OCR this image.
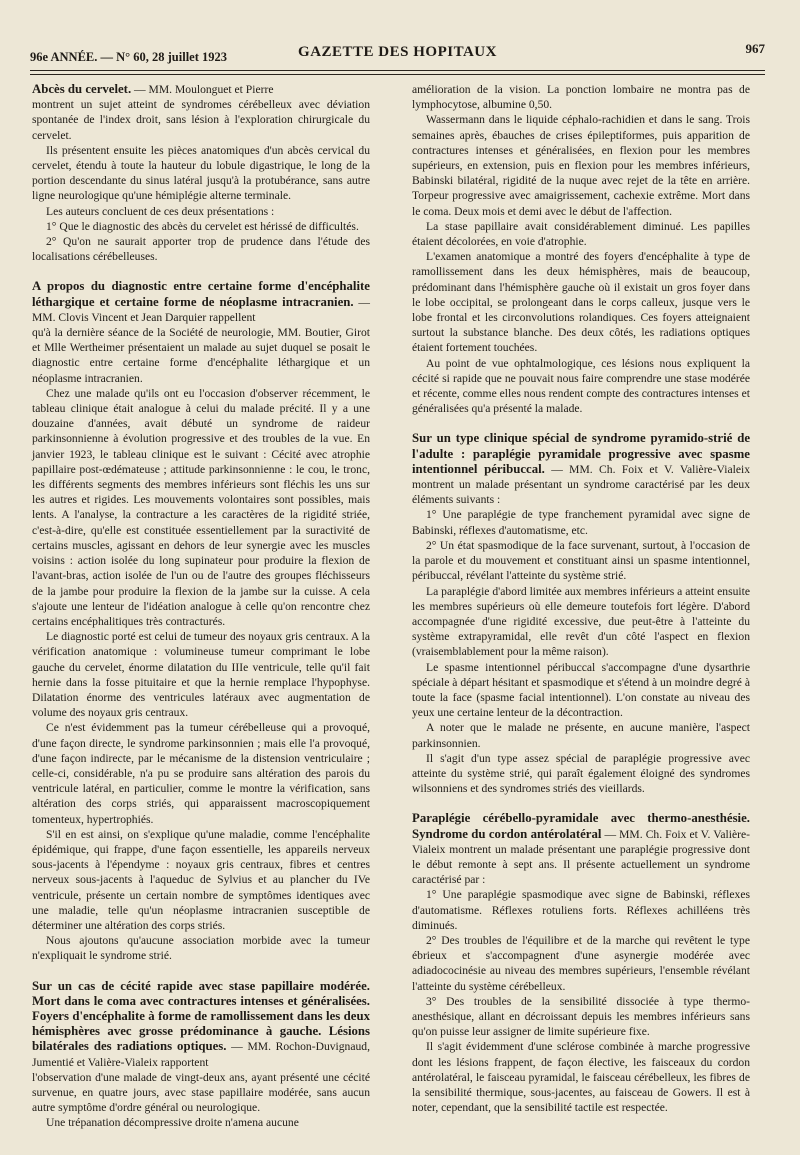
96e ANNÉE. — N° 60, 28 juillet 1923	GAZETTE DES HOPITAUX	967

Abcès du cervelet. — MM. Moulonguet et Pierre

montrent un sujet atteint de syndromes cérébelleux avec déviation spontanée de l'index droit, sans lésion à l'exploration chirurgicale du cervelet.

Ils présentent ensuite les pièces anatomiques d'un abcès cervical du cervelet, étendu à toute la hauteur du lobule digastrique, le long de la portion descendante du sinus latéral jusqu'à la protubérance, sans autre ligne neurologique qu'une hémiplégie alterne terminale.

Les auteurs concluent de ces deux présentations :

1° Que le diagnostic des abcès du cervelet est hérissé de difficultés.

2° Qu'on ne saurait apporter trop de prudence dans l'étude des localisations cérébelleuses.

A propos du diagnostic entre certaine forme d'encéphalite léthargique et certaine forme de néoplasme intracranien. — MM. Clovis Vincent et Jean Darquier rappellent

qu'à la dernière séance de la Société de neurologie, MM. Boutier, Girot et Mlle Wertheimer présentaient un malade au sujet duquel se posait le diagnostic entre certaine forme d'encéphalite léthargique et un néoplasme intracranien.

Chez une malade qu'ils ont eu l'occasion d'observer récemment, le tableau clinique était analogue à celui du malade précité. Il y a une douzaine d'années, avait débuté un syndrome de raideur parkinsonnienne à évolution progressive et des troubles de la vue. En janvier 1923, le tableau clinique est le suivant : Cécité avec atrophie papillaire post-œdémateuse ; attitude parkinsonnienne : le cou, le tronc, les différents segments des membres inférieurs sont fléchis les uns sur les autres et rigides. Les mouvements volontaires sont possibles, mais lents. A l'analyse, la contracture a les caractères de la rigidité striée, c'est-à-dire, qu'elle est constituée essentiellement par la suractivité de certains muscles, agissant en dehors de leur synergie avec les muscles voisins : action isolée du long supinateur pour produire la flexion de l'avant-bras, action isolée de l'un ou de l'autre des groupes fléchisseurs de la jambe pour produire la flexion de la jambe sur la cuisse. A cela s'ajoute une lenteur de l'idéation analogue à celle qu'on rencontre chez certains encéphalitiques très contracturés.

Le diagnostic porté est celui de tumeur des noyaux gris centraux. A la vérification anatomique : volumineuse tumeur comprimant le lobe gauche du cervelet, énorme dilatation du IIIe ventricule, telle qu'il fait hernie dans la fosse pituitaire et que la hernie remplace l'hypophyse. Dilatation énorme des ventricules latéraux avec augmentation de volume des noyaux gris centraux.

Ce n'est évidemment pas la tumeur cérébelleuse qui a provoqué, d'une façon directe, le syndrome parkinsonnien ; mais elle l'a provoqué, d'une façon indirecte, par le mécanisme de la distension ventriculaire ; celle-ci, considérable, n'a pu se produire sans altération des parois du ventricule latéral, en particulier, comme le montre la vérification, sans altération des corps striés, qui apparaissent macroscopiquement tomenteux, hypertrophiés.

S'il en est ainsi, on s'explique qu'une maladie, comme l'encéphalite épidémique, qui frappe, d'une façon essentielle, les appareils nerveux sous-jacents à l'épendyme : noyaux gris centraux, fibres et centres nerveux sous-jacents à l'aqueduc de Sylvius et au plancher du IVe ventricule, présente un certain nombre de symptômes identiques avec une maladie, telle qu'un néoplasme intracranien susceptible de déterminer une altération des corps striés.

Nous ajoutons qu'aucune association morbide avec la tumeur n'expliquait le syndrome strié.

Sur un cas de cécité rapide avec stase papillaire modérée. Mort dans le coma avec contractures intenses et généralisées. Foyers d'encéphalite à forme de ramollissement dans les deux hémisphères avec grosse prédominance à gauche. Lésions bilatérales des radiations optiques. — MM. Rochon-Duvignaud, Jumentié et Valière-Vialeix rapportent

l'observation d'une malade de vingt-deux ans, ayant présenté une cécité survenue, en quatre jours, avec stase papillaire modérée, sans aucun autre symptôme d'ordre général ou neurologique.

Une trépanation décompressive droite n'amena aucune

amélioration de la vision. La ponction lombaire ne montra pas de lymphocytose, albumine 0,50.

Wassermann dans le liquide céphalo-rachidien et dans le sang. Trois semaines après, ébauches de crises épileptiformes, puis apparition de contractures intenses et généralisées, en flexion pour les membres supérieurs, en extension, puis en flexion pour les membres inférieurs, Babinski bilatéral, rigidité de la nuque avec rejet de la tête en arrière. Torpeur progressive avec amaigrissement, cachexie extrême. Mort dans le coma. Deux mois et demi avec le début de l'affection.

La stase papillaire avait considérablement diminué. Les papilles étaient décolorées, en voie d'atrophie.

L'examen anatomique a montré des foyers d'encéphalite à type de ramollissement dans les deux hémisphères, mais de beaucoup, prédominant dans l'hémisphère gauche où il existait un gros foyer dans le lobe occipital, se prolongeant dans le corps calleux, jusque vers le lobe frontal et les circonvolutions rolandiques. Ces foyers atteignaient surtout la substance blanche. Des deux côtés, les radiations optiques étaient fortement touchées.

Au point de vue ophtalmologique, ces lésions nous expliquent la cécité si rapide que ne pouvait nous faire comprendre une stase modérée et récente, comme elles nous rendent compte des contractures intenses et généralisées qu'a présenté la malade.

Sur un type clinique spécial de syndrome pyramido-strié de l'adulte : paraplégie pyramidale progressive avec spasme intentionnel péribuccal. — MM. Ch. Foix et V. Valière-Vialeix montrent un malade présentant un syndrome caractérisé par les deux éléments suivants :

1° Une paraplégie de type franchement pyramidal avec signe de Babinski, réflexes d'automatisme, etc.

2° Un état spasmodique de la face survenant, surtout, à l'occasion de la parole et du mouvement et constituant ainsi un spasme intentionnel, péribuccal, révélant l'atteinte du système strié.

La paraplégie d'abord limitée aux membres inférieurs a atteint ensuite les membres supérieurs où elle demeure toutefois fort légère. D'abord accompagnée d'une rigidité excessive, due peut-être à l'atteinte du système extrapyramidal, elle revêt d'un côté l'aspect en flexion (vraisemblablement pour la même raison).

Le spasme intentionnel péribuccal s'accompagne d'une dysarthrie spéciale à départ hésitant et spasmodique et s'étend à un moindre degré à toute la face (spasme facial intentionnel). L'on constate au niveau des yeux une certaine lenteur de la décontraction.

A noter que le malade ne présente, en aucune manière, l'aspect parkinsonnien.

Il s'agit d'un type assez spécial de paraplégie progressive avec atteinte du système strié, qui paraît également éloigné des syndromes wilsonniens et des syndromes striés des vieillards.

Paraplégie cérébello-pyramidale avec thermo-anesthésie. Syndrome du cordon antérolatéral — MM. Ch. Foix et V. Valière-Vialeix montrent un malade présentant une paraplégie progressive dont le début remonte à sept ans. Il présente actuellement un syndrome caractérisé par :

1° Une paraplégie spasmodique avec signe de Babinski, réflexes d'automatisme. Réflexes rotuliens forts. Réflexes achilléens très diminués.

2° Des troubles de l'équilibre et de la marche qui revêtent le type ébrieux et s'accompagnent d'une asynergie modérée avec adiadococinésie au niveau des membres supérieurs, l'ensemble révélant l'atteinte du système cérébelleux.

3° Des troubles de la sensibilité dissociée à type thermo-anesthésique, allant en décroissant depuis les membres inférieurs sans qu'on puisse leur assigner de limite supérieure fixe.

Il s'agit évidemment d'une sclérose combinée à marche progressive dont les lésions frappent, de façon élective, les faisceaux du cordon antérolatéral, le faisceau pyramidal, le faisceau cérébelleux, les fibres de la sensibilité thermique, sous-jacentes, au faisceau de Gowers. Il est à noter, cependant, que la sensibilité tactile est respectée.
